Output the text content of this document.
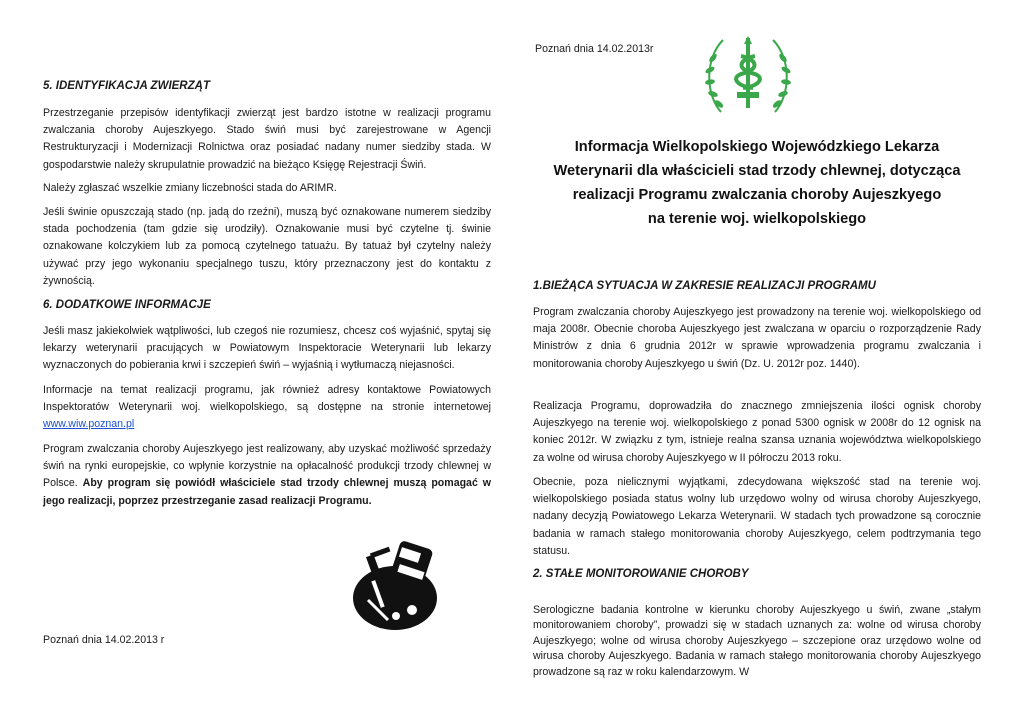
5. IDENTYFIKACJA ZWIERZĄT

Przestrzeganie przepisów identyfikacji zwierząt jest bardzo istotne w realizacji programu zwalczania choroby Aujeszkyego. Stado świń musi być zarejestrowane w Agencji Restrukturyzacji i Modernizacji Rolnictwa oraz posiadać nadany numer siedziby stada. W gospodarstwie należy skrupulatnie prowadzić na bieżąco Księgę Rejestracji Świń.

Należy zgłaszać wszelkie zmiany liczebności stada do ARIMR.

Jeśli świnie opuszczają stado (np. jadą do rzeźni), muszą być oznakowane numerem siedziby stada pochodzenia (tam gdzie się urodziły). Oznakowanie musi być czytelne tj. świnie oznakowane kolczykiem lub za pomocą czytelnego tatuażu. By tatuaż był czytelny należy używać przy jego wykonaniu specjalnego tuszu, który przeznaczony jest do kontaktu z żywnością.

6. DODATKOWE INFORMACJE

Jeśli masz jakiekolwiek wątpliwości, lub czegoś nie rozumiesz, chcesz coś wyjaśnić, spytaj się lekarzy weterynarii pracujących w Powiatowym Inspektoracie Weterynarii lub lekarzy wyznaczonych do pobierania krwi i szczepień świń – wyjaśnią i wytłumaczą niejasności.

Informacje na temat realizacji programu, jak również adresy kontaktowe Powiatowych Inspektoratów Weterynarii woj. wielkopolskiego, są dostępne na stronie internetowej www.wiw.poznan.pl

Program zwalczania choroby Aujeszkyego jest realizowany, aby uzyskać możliwość sprzedaży świń na rynki europejskie, co wpłynie korzystnie na opłacalność produkcji trzody chlewnej w Polsce. Aby program się powiódł właściciele stad trzody chlewnej muszą pomagać w jego realizacji, poprzez przestrzeganie zasad realizacji Programu.

Poznań dnia 14.02.2013 r
Poznań dnia 14.02.2013r
Informacja Wielkopolskiego Wojewódzkiego Lekarza
Weterynarii dla właścicieli stad trzody chlewnej, dotycząca
realizacji Programu zwalczania choroby Aujeszkyego
na terenie woj. wielkopolskiego
1.BIEŻĄCA SYTUACJA W ZAKRESIE REALIZACJI PROGRAMU

Program zwalczania choroby Aujeszkyego jest prowadzony na terenie woj. wielkopolskiego od maja 2008r. Obecnie choroba Aujeszkyego jest zwalczana w oparciu o rozporządzenie Rady Ministrów z dnia 6 grudnia 2012r w sprawie wprowadzenia programu zwalczania i monitorowania choroby Aujeszkyego u świń (Dz. U. 2012r poz. 1440).

Realizacja Programu, doprowadziła do znacznego zmniejszenia ilości ognisk choroby Aujeszkyego na terenie woj. wielkopolskiego z ponad 5300 ognisk w 2008r do 12 ognisk na koniec 2012r. W związku z tym, istnieje realna szansa uznania województwa wielkopolskiego za wolne od wirusa choroby Aujeszkyego w II półroczu 2013 roku.

Obecnie, poza nielicznymi wyjątkami, zdecydowana większość stad na terenie woj. wielkopolskiego posiada status wolny lub urzędowo wolny od wirusa choroby Aujeszkyego, nadany decyzją Powiatowego Lekarza Weterynarii. W stadach tych prowadzone są corocznie badania w ramach stałego monitorowania choroby Aujeszkyego, celem podtrzymania tego statusu.

2. STAŁE MONITOROWANIE CHOROBY

Serologiczne badania kontrolne w kierunku choroby Aujeszkyego u świń, zwane „stałym monitorowaniem choroby”, prowadzi się w stadach uznanych za: wolne od wirusa choroby Aujeszkyego; wolne od wirusa choroby Aujeszkyego – szczepione oraz urzędowo wolne od wirusa choroby Aujeszkyego. Badania w ramach stałego monitorowania choroby Aujeszkyego prowadzone są raz w roku kalendarzowym. W
